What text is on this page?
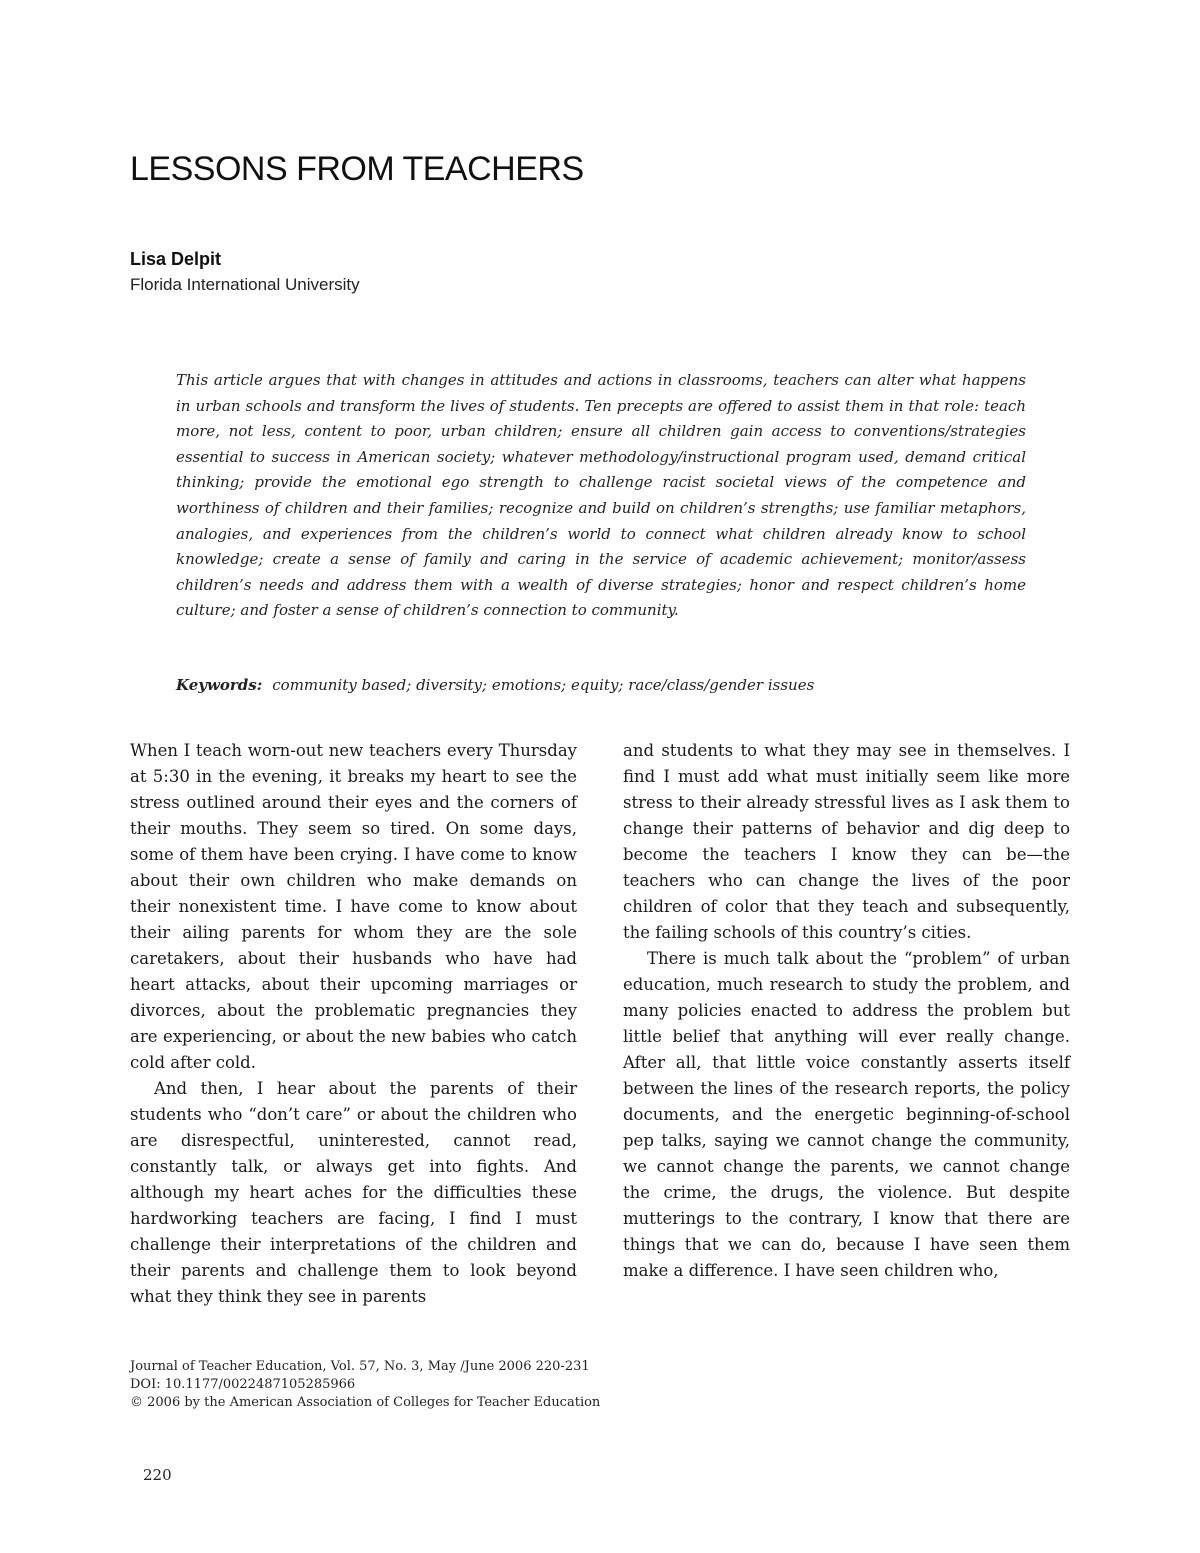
LESSONS FROM TEACHERS
Lisa Delpit
Florida International University

This article argues that with changes in attitudes and actions in classrooms, teachers can alter what happens in urban schools and transform the lives of students. Ten precepts are offered to assist them in that role: teach more, not less, content to poor, urban children; ensure all children gain access to conventions/strategies essential to success in American society; whatever methodology/instructional program used, demand critical thinking; provide the emotional ego strength to challenge racist societal views of the competence and worthiness of children and their families; recognize and build on children’s strengths; use familiar metaphors, analogies, and experiences from the children’s world to connect what children already know to school knowledge; create a sense of family and caring in the service of academic achievement; monitor/assess children’s needs and address them with a wealth of diverse strategies; honor and respect children’s home culture; and foster a sense of children’s connection to community.

Keywords: community based; diversity; emotions; equity; race/class/gender issues

When I teach worn-out new teachers every Thursday at 5:30 in the evening, it breaks my heart to see the stress outlined around their eyes and the corners of their mouths. They seem so tired. On some days, some of them have been crying. I have come to know about their own children who make demands on their nonexistent time. I have come to know about their ailing parents for whom they are the sole caretakers, about their husbands who have had heart attacks, about their upcoming marriages or divorces, about the problematic pregnancies they are experiencing, or about the new babies who catch cold after cold.

And then, I hear about the parents of their students who “don’t care” or about the children who are disrespectful, uninterested, cannot read, constantly talk, or always get into fights. And although my heart aches for the difficulties these hardworking teachers are facing, I find I must challenge their interpretations of the children and their parents and challenge them to look beyond what they think they see in parents

and students to what they may see in themselves. I find I must add what must initially seem like more stress to their already stressful lives as I ask them to change their patterns of behavior and dig deep to become the teachers I know they can be—the teachers who can change the lives of the poor children of color that they teach and subsequently, the failing schools of this country’s cities.

There is much talk about the “problem” of urban education, much research to study the problem, and many policies enacted to address the problem but little belief that anything will ever really change. After all, that little voice constantly asserts itself between the lines of the research reports, the policy documents, and the energetic beginning-of-school pep talks, saying we cannot change the community, we cannot change the parents, we cannot change the crime, the drugs, the violence. But despite mutterings to the contrary, I know that there are things that we can do, because I have seen them make a difference. I have seen children who,

Journal of Teacher Education, Vol. 57, No. 3, May /June 2006 220-231
DOI: 10.1177/0022487105285966
© 2006 by the American Association of Colleges for Teacher Education
220
